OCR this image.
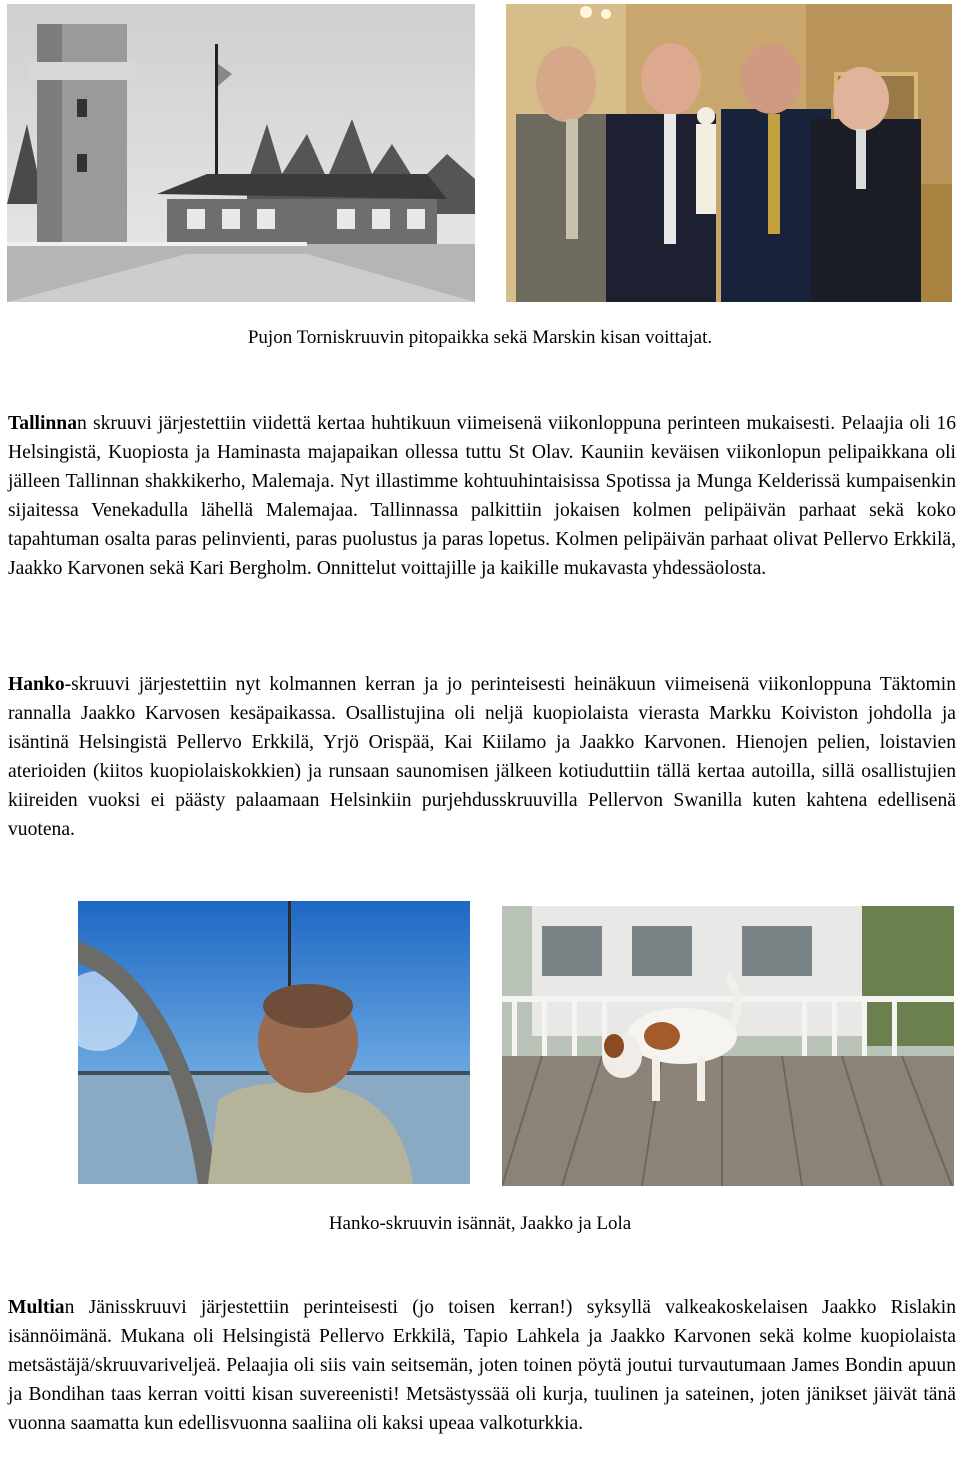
Pujon Torniskruuvin pitopaikka sekä Marskin kisan voittajat.

Tallinnan skruuvi järjestettiin viidettä kertaa huhtikuun viimeisenä viikonloppuna perinteen mukaisesti. Pelaajia oli 16 Helsingistä, Kuopiosta ja Haminasta majapaikan ollessa tuttu St Olav. Kauniin keväisen viikonlopun pelipaikkana oli jälleen Tallinnan shakkikerho, Malemaja. Nyt illastimme kohtuuhintaisissa Spotissa ja Munga Kelderissä kumpaisenkin sijaitessa Venekadulla lähellä Malemajaa. Tallinnassa palkittiin jokaisen kolmen pelipäivän parhaat sekä koko tapahtuman osalta paras pelinvienti, paras puolustus ja paras lopetus. Kolmen pelipäivän parhaat olivat Pellervo Erkkilä, Jaakko Karvonen sekä Kari Bergholm. Onnittelut voittajille ja kaikille mukavasta yhdessäolosta.

Hanko-skruuvi järjestettiin nyt kolmannen kerran ja jo perinteisesti heinäkuun viimeisenä viikonloppuna Täktomin rannalla Jaakko Karvosen kesäpaikassa. Osallistujina oli neljä kuopiolaista vierasta Markku Koiviston johdolla ja isäntinä Helsingistä Pellervo Erkkilä, Yrjö Orispää, Kai Kiilamo ja Jaakko Karvonen. Hienojen pelien, loistavien aterioiden (kiitos kuopiolaiskokkien) ja runsaan saunomisen jälkeen kotiuduttiin tällä kertaa autoilla, sillä osallistujien kiireiden vuoksi ei päästy palaamaan Helsinkiin purjehdusskruuvilla Pellervon Swanilla kuten kahtena edellisenä vuotena.

Hanko-skruuvin isännät, Jaakko ja Lola

Multian Jänisskruuvi järjestettiin perinteisesti (jo toisen kerran!) syksyllä valkeakoskelaisen Jaakko Rislakin isännöimänä. Mukana oli Helsingistä Pellervo Erkkilä, Tapio Lahkela ja Jaakko Karvonen sekä kolme kuopiolaista metsästäjä/skruuvariveljeä. Pelaajia oli siis vain seitsemän, joten toinen pöytä joutui turvautumaan James Bondin apuun ja Bondihan taas kerran voitti kisan suvereenisti! Metsästyssää oli kurja, tuulinen ja sateinen, joten jänikset jäivät tänä vuonna saamatta kun edellisvuonna saaliina oli kaksi upeaa valkoturkkia.
